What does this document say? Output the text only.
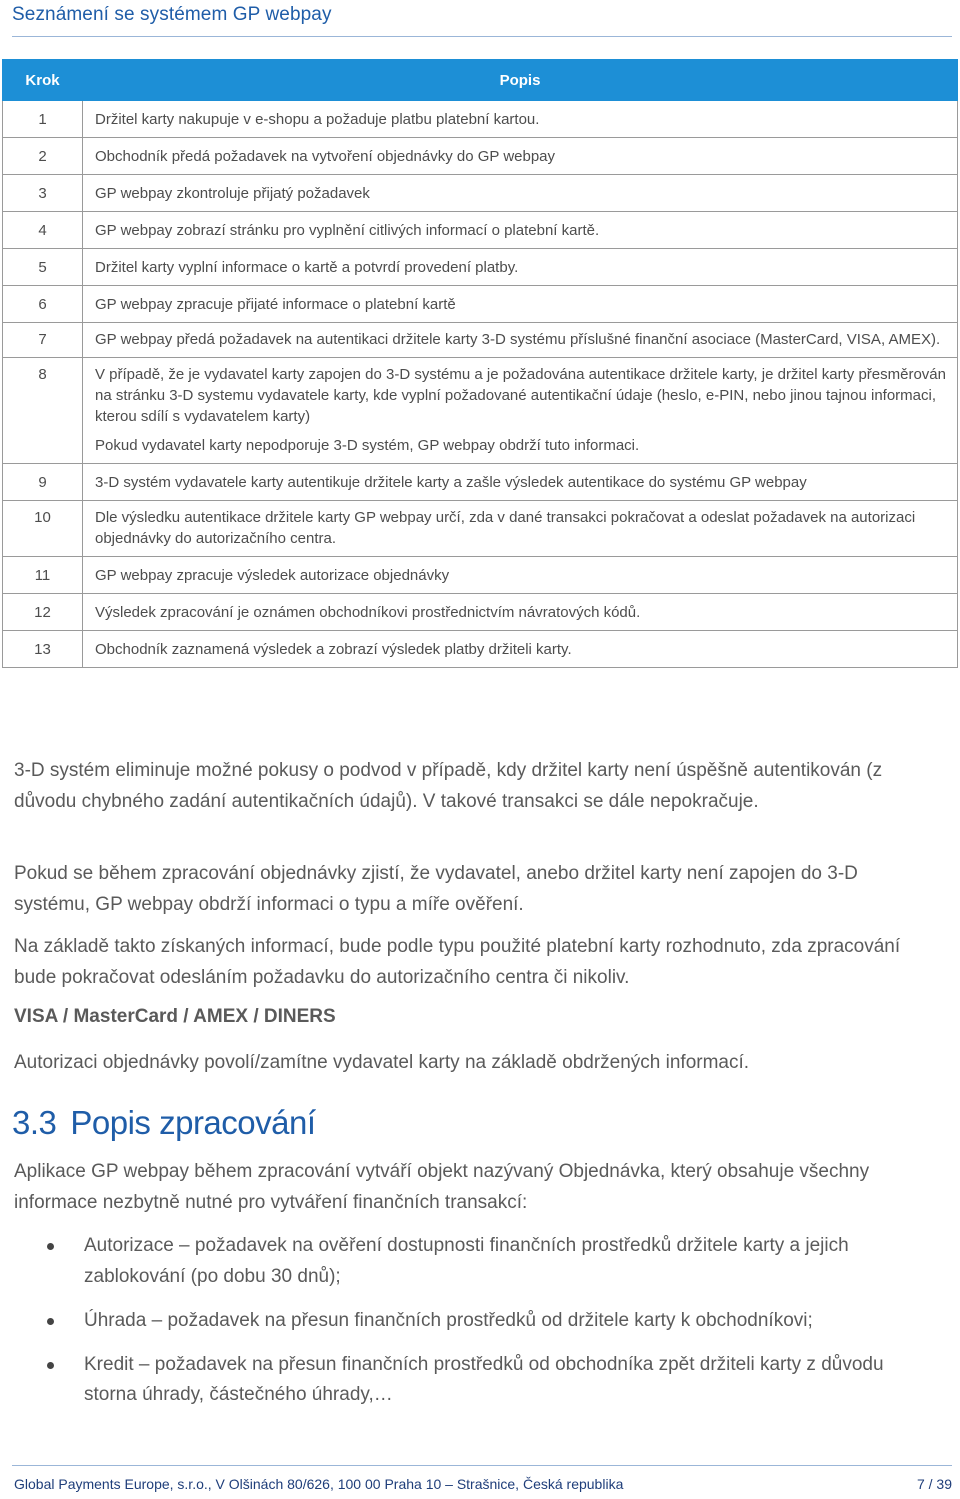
Seznámení se systémem GP webpay
Krok	Popis

1	Držitel karty nakupuje v e-shopu a požaduje platbu platební kartou.

2	Obchodník předá požadavek na vytvoření objednávky do GP webpay

3	GP webpay zkontroluje přijatý požadavek

4	GP webpay zobrazí stránku pro vyplnění citlivých informací o platební kartě.

5	Držitel karty vyplní informace o kartě a potvrdí provedení platby.

6	GP webpay zpracuje přijaté informace o platební kartě

7	GP webpay předá požadavek na autentikaci držitele karty 3-D systému příslušné finanční asociace (MasterCard, VISA, AMEX).

8	V případě, že je vydavatel karty zapojen do 3-D systému a je požadována autentikace držitele karty, je držitel karty přesměrován na stránku 3-D systemu vydavatele karty, kde vyplní požadované autentikační údaje (heslo, e-PIN, nebo jinou tajnou informaci, kterou sdílí s vydavatelem karty)

Pokud vydavatel karty nepodporuje 3-D systém, GP webpay obdrží tuto informaci.

9	3-D systém vydavatele karty autentikuje držitele karty a zašle výsledek autentikace do systému GP webpay

10	Dle výsledku autentikace držitele karty GP webpay určí, zda v dané transakci pokračovat a odeslat požadavek na autorizaci objednávky do autorizačního centra.

11	GP webpay zpracuje výsledek autorizace objednávky

12	Výsledek zpracování je oznámen obchodníkovi prostřednictvím návratových kódů.

13	Obchodník zaznamená výsledek a zobrazí výsledek platby držiteli karty.

3-D systém eliminuje možné pokusy o podvod v případě, kdy držitel karty není úspěšně autentikován (z důvodu chybného zadání autentikačních údajů). V takové transakci se dále nepokračuje.
Pokud se během zpracování objednávky zjistí, že vydavatel, anebo držitel karty není zapojen do 3-D systému, GP webpay obdrží informaci o typu a míře ověření.
Na základě takto získaných informací, bude podle typu použité platební karty rozhodnuto, zda zpracování bude pokračovat odesláním požadavku do autorizačního centra či nikoliv.
VISA / MasterCard / AMEX / DINERS
Autorizaci objednávky povolí/zamítne vydavatel karty na základě obdržených informací.
3.3 Popis zpracování
Aplikace GP webpay během zpracování vytváří objekt nazývaný Objednávka, který obsahuje všechny informace nezbytně nutné pro vytváření finančních transakcí:
Autorizace – požadavek na ověření dostupnosti finančních prostředků držitele karty a jejich zablokování (po dobu 30 dnů);
Úhrada – požadavek na přesun finančních prostředků od držitele karty k obchodníkovi;
Kredit – požadavek na přesun finančních prostředků od obchodníka zpět držiteli karty z důvodu storna úhrady, částečného úhrady,…
Global Payments Europe, s.r.o., V Olšinách 80/626, 100 00 Praha 10 – Strašnice, Česká republika	7 / 39
